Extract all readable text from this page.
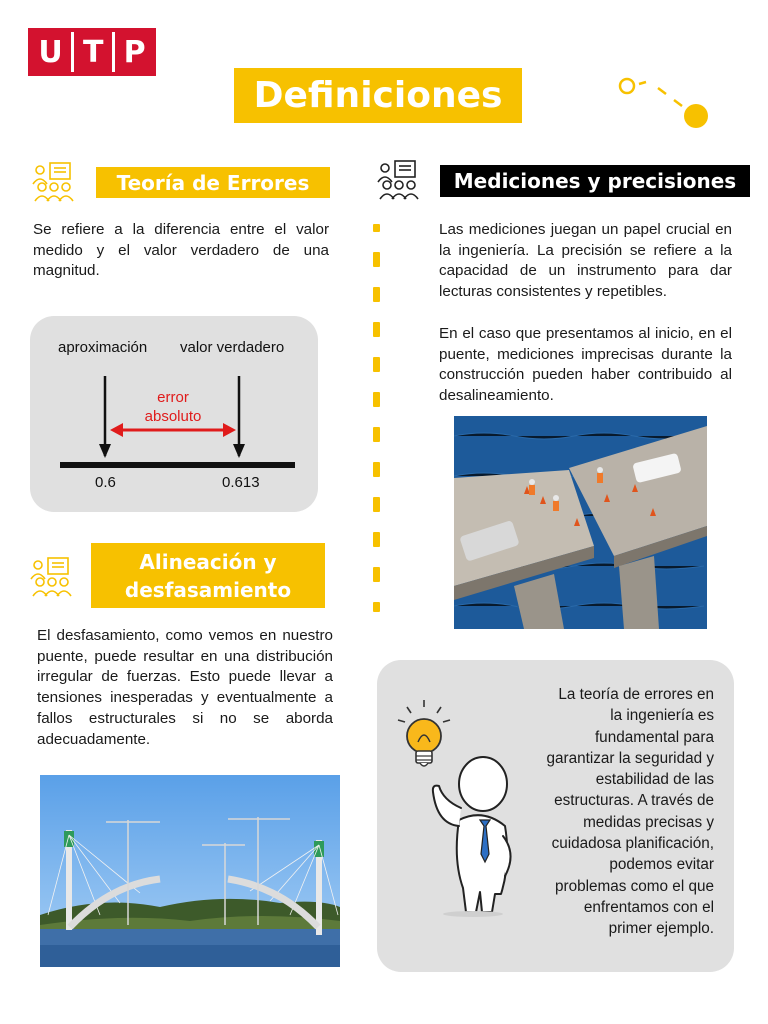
U T P
Definiciones
Teoría de Errores
Se refiere a la diferencia entre el valor medido y el valor verdadero de una magnitud.
aproximación valor verdadero
error
absoluto
0.6	0.613
Alineación y
desfasamiento
El desfasamiento, como vemos en nuestro puente, puede resultar en una distribución irregular de fuerzas. Esto puede llevar a tensiones inesperadas y eventualmente a fallos estructurales si no se aborda adecuadamente.
Mediciones y precisiones
Las mediciones juegan un papel crucial en la ingeniería. La precisión se refiere a la capacidad de un instrumento para dar lecturas consistentes y repetibles.
En el caso que presentamos al inicio, en el puente, mediciones imprecisas durante la construcción pueden haber contribuido al desalineamiento.
La teoría de errores en
la ingeniería es
fundamental para
garantizar la seguridad y
estabilidad de las
estructuras. A través de
medidas precisas y
cuidadosa planificación,
podemos evitar
problemas como el que
enfrentamos con el
primer ejemplo.
